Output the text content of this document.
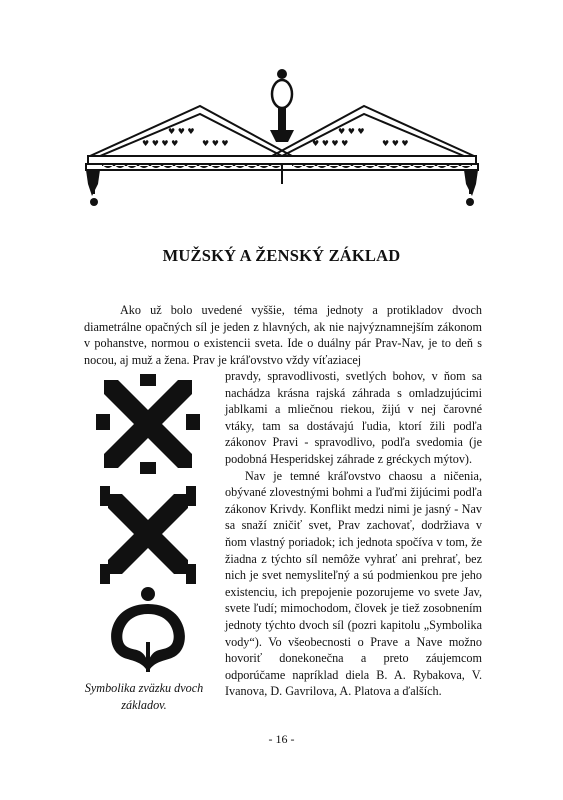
♥ ♥ ♥ ♥
♥ ♥ ♥
♥ ♥ ♥ ♥
♥ ♥ ♥
♥ ♥ ♥	♥ ♥ ♥
MUŽSKÝ A ŽENSKÝ ZÁKLAD

Ako už bolo uvedené vyššie, téma jednoty a protikladov dvoch diametrálne opačných síl je jeden z hlavných, ak nie najvýznamnejším zákonom v pohanstve, normou o existencii sveta. Ide o duálny pár Prav-Nav, je to deň s nocou, aj muž a žena. Prav je kráľovstvo vždy víťaziacej

pravdy, spravodlivosti, svetlých bohov, v ňom sa nachádza krásna rajská záhrada s omladzujúcimi jablkami a mliečnou riekou, žijú v nej čarovné vtáky, tam sa dostávajú ľudia, ktorí žili podľa zákonov Pravi - spravodlivo, podľa svedomia (je podobná Hesperidskej záhrade z gréckych mýtov).

Nav je temné kráľovstvo chaosu a ničenia, obývané zlovestnými bohmi a ľuďmi žijúcimi podľa zákonov Krivdy. Konflikt medzi nimi je jasný - Nav sa snaží zničiť svet, Prav zachovať, dodržiava v ňom vlastný poriadok; ich jednota spočíva v tom, že žiadna z týchto síl nemôže vyhrať ani prehrať, bez nich je svet nemysliteľný a sú podmienkou pre jeho existenciu, ich prepojenie pozorujeme vo svete Jav, svete ľudí; mimochodom, človek je tiež zosobnením jednoty týchto dvoch síl (pozri kapitolu „Symbolika vody“). Vo všeobecnosti o Prave a Nave možno hovoriť donekonečna a preto záujemcom odporúčame napríklad diela B. A. Rybakova, V. Ivanova, D. Gavrilova, A. Platova a ďalších.

Symbolika zväzku dvoch základov.
- 16 -
